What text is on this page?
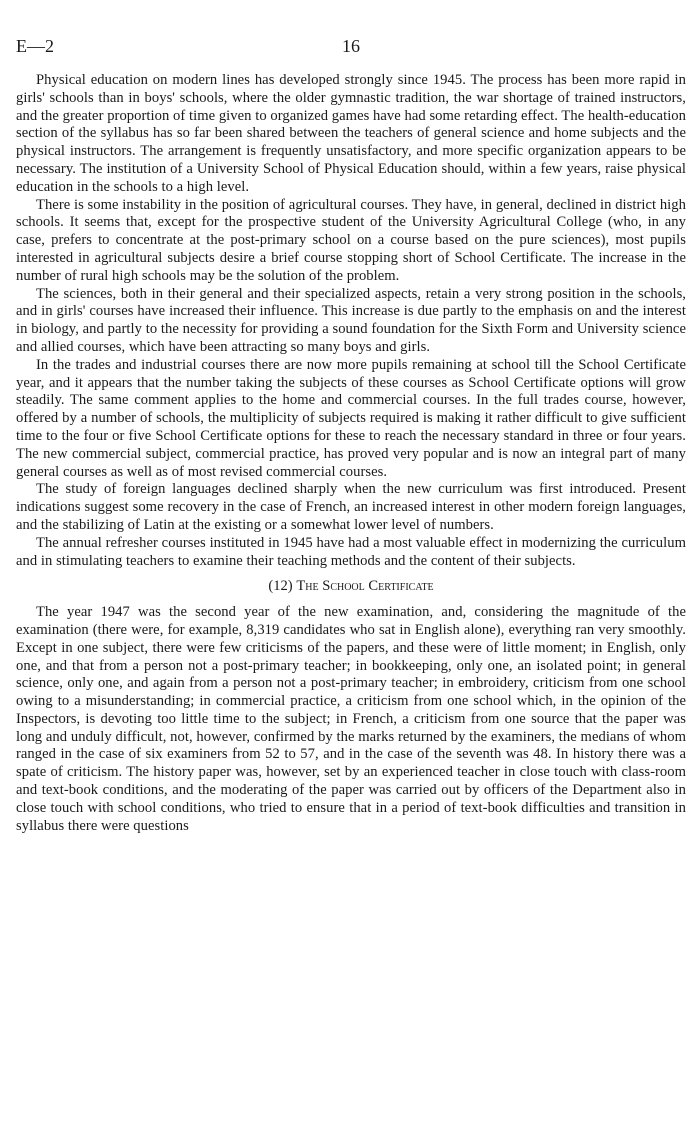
E—2	16

Physical education on modern lines has developed strongly since 1945. The process has been more rapid in girls' schools than in boys' schools, where the older gymnastic tradition, the war shortage of trained instructors, and the greater proportion of time given to organized games have had some retarding effect. The health-education section of the syllabus has so far been shared between the teachers of general science and home subjects and the physical instructors. The arrangement is frequently unsatisfactory, and more specific organization appears to be necessary. The institution of a University School of Physical Education should, within a few years, raise physical education in the schools to a high level.

There is some instability in the position of agricultural courses. They have, in general, declined in district high schools. It seems that, except for the prospective student of the University Agricultural College (who, in any case, prefers to concentrate at the post-primary school on a course based on the pure sciences), most pupils interested in agricultural subjects desire a brief course stopping short of School Certificate. The increase in the number of rural high schools may be the solution of the problem.

The sciences, both in their general and their specialized aspects, retain a very strong position in the schools, and in girls' courses have increased their influence. This increase is due partly to the emphasis on and the interest in biology, and partly to the necessity for providing a sound foundation for the Sixth Form and University science and allied courses, which have been attracting so many boys and girls.

In the trades and industrial courses there are now more pupils remaining at school till the School Certificate year, and it appears that the number taking the subjects of these courses as School Certificate options will grow steadily. The same comment applies to the home and commercial courses. In the full trades course, however, offered by a number of schools, the multiplicity of subjects required is making it rather difficult to give sufficient time to the four or five School Certificate options for these to reach the necessary standard in three or four years. The new commercial subject, commercial practice, has proved very popular and is now an integral part of many general courses as well as of most revised commercial courses.

The study of foreign languages declined sharply when the new curriculum was first introduced. Present indications suggest some recovery in the case of French, an increased interest in other modern foreign languages, and the stabilizing of Latin at the existing or a somewhat lower level of numbers.

The annual refresher courses instituted in 1945 have had a most valuable effect in modernizing the curriculum and in stimulating teachers to examine their teaching methods and the content of their subjects.

(12) The School Certificate

The year 1947 was the second year of the new examination, and, considering the magnitude of the examination (there were, for example, 8,319 candidates who sat in English alone), everything ran very smoothly. Except in one subject, there were few criticisms of the papers, and these were of little moment; in English, only one, and that from a person not a post-primary teacher; in bookkeeping, only one, an isolated point; in general science, only one, and again from a person not a post-primary teacher; in embroidery, criticism from one school owing to a misunderstanding; in commercial practice, a criticism from one school which, in the opinion of the Inspectors, is devoting too little time to the subject; in French, a criticism from one source that the paper was long and unduly difficult, not, however, confirmed by the marks returned by the examiners, the medians of whom ranged in the case of six examiners from 52 to 57, and in the case of the seventh was 48. In history there was a spate of criticism. The history paper was, however, set by an experienced teacher in close touch with class-room and text-book conditions, and the moderating of the paper was carried out by officers of the Department also in close touch with school conditions, who tried to ensure that in a period of text-book difficulties and transition in syllabus there were questions
